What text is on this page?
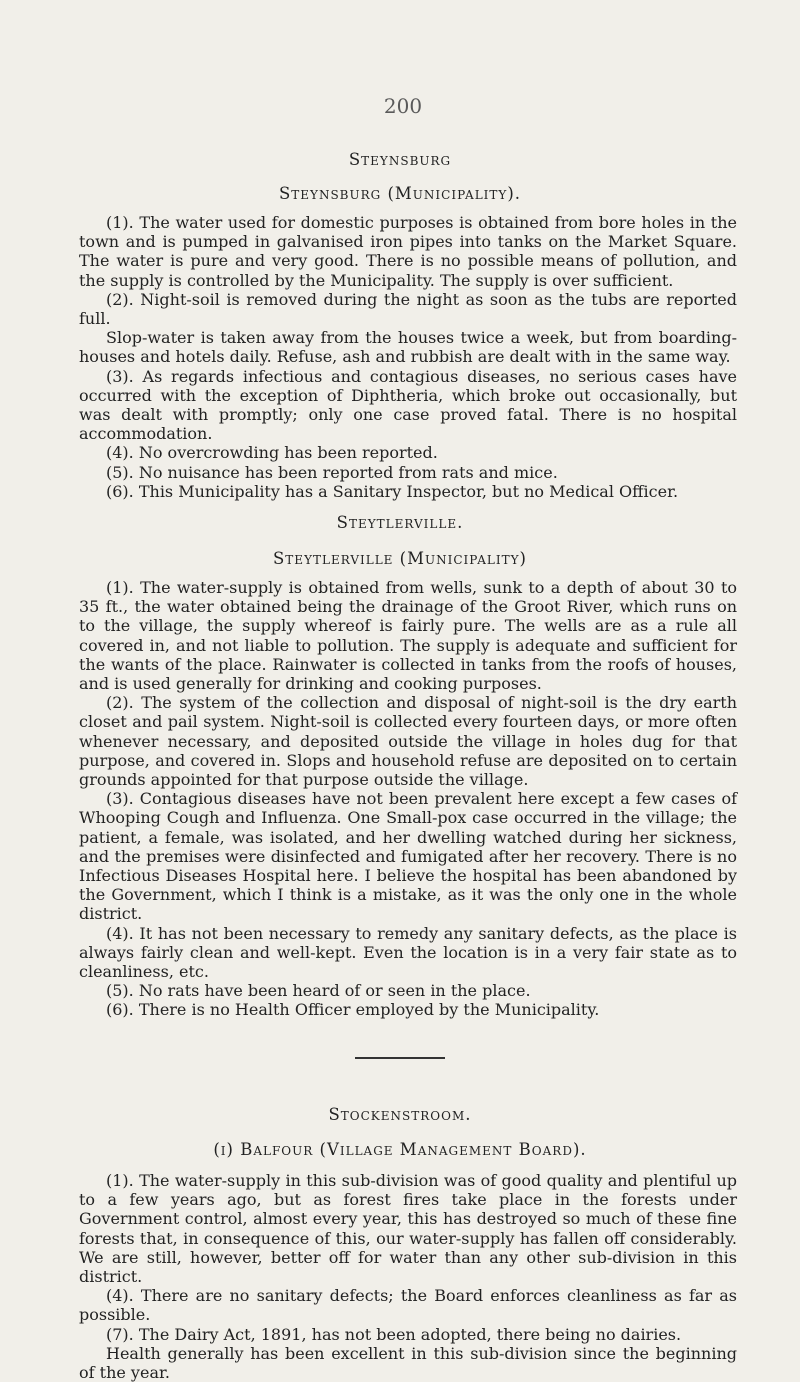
200
Steynsburg
Steynsburg (Municipality).

(1). The water used for domestic purposes is obtained from bore holes in the town and is pumped in galvanised iron pipes into tanks on the Market Square. The water is pure and very good. There is no possible means of pollution, and the supply is controlled by the Municipality. The supply is over sufficient.

(2). Night-soil is removed during the night as soon as the tubs are reported full.

Slop-water is taken away from the houses twice a week, but from boarding-houses and hotels daily. Refuse, ash and rubbish are dealt with in the same way.

(3). As regards infectious and contagious diseases, no serious cases have occurred with the exception of Diphtheria, which broke out occasionally, but was dealt with promptly; only one case proved fatal. There is no hospital accommodation.

(4). No overcrowding has been reported.

(5). No nuisance has been reported from rats and mice.

(6). This Municipality has a Sanitary Inspector, but no Medical Officer.

Steytlerville.
Steytlerville (Municipality)

(1). The water-supply is obtained from wells, sunk to a depth of about 30 to 35 ft., the water obtained being the drainage of the Groot River, which runs on to the village, the supply whereof is fairly pure. The wells are as a rule all covered in, and not liable to pollution. The supply is adequate and sufficient for the wants of the place. Rainwater is collected in tanks from the roofs of houses, and is used generally for drinking and cooking purposes.

(2). The system of the collection and disposal of night-soil is the dry earth closet and pail system. Night-soil is collected every fourteen days, or more often whenever necessary, and deposited outside the village in holes dug for that purpose, and covered in. Slops and household refuse are deposited on to certain grounds appointed for that purpose outside the village.

(3). Contagious diseases have not been prevalent here except a few cases of Whooping Cough and Influenza. One Small-pox case occurred in the village; the patient, a female, was isolated, and her dwelling watched during her sickness, and the premises were disinfected and fumigated after her recovery. There is no Infectious Diseases Hospital here. I believe the hospital has been abandoned by the Government, which I think is a mistake, as it was the only one in the whole district.

(4). It has not been necessary to remedy any sanitary defects, as the place is always fairly clean and well-kept. Even the location is in a very fair state as to cleanliness, etc.

(5). No rats have been heard of or seen in the place.

(6). There is no Health Officer employed by the Municipality.

Stockenstroom.
(i) Balfour (Village Management Board).

(1). The water-supply in this sub-division was of good quality and plentiful up to a few years ago, but as forest fires take place in the forests under Government control, almost every year, this has destroyed so much of these fine forests that, in consequence of this, our water-supply has fallen off considerably. We are still, however, better off for water than any other sub-division in this district.

(4). There are no sanitary defects; the Board enforces cleanliness as far as possible.

(7). The Dairy Act, 1891, has not been adopted, there being no dairies.

Health generally has been excellent in this sub-division since the beginning of the year.
